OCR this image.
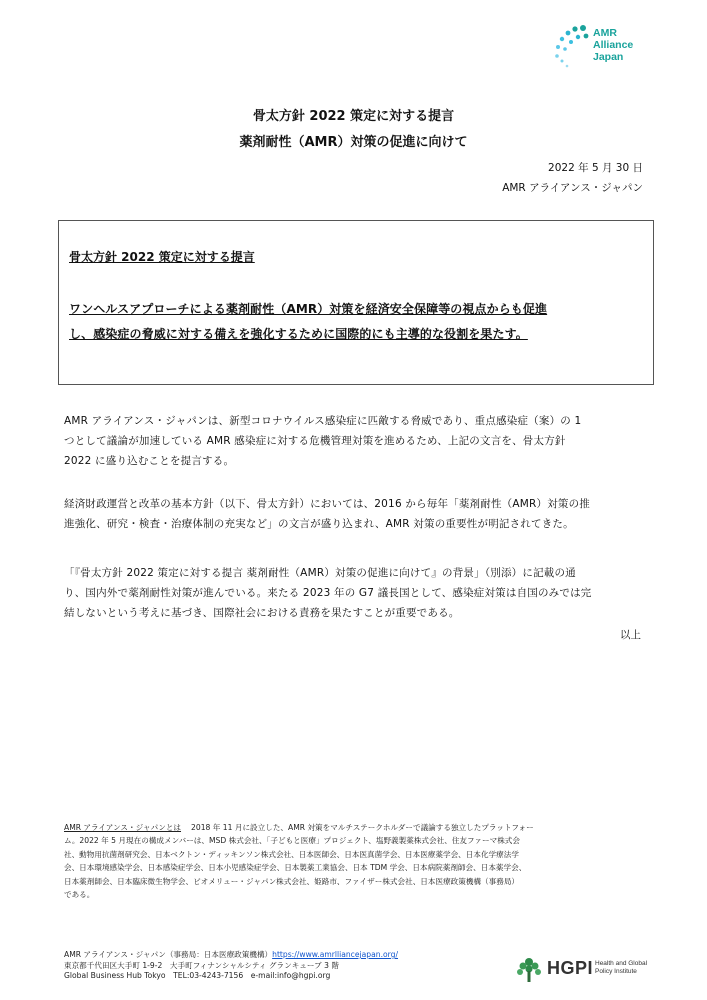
AMR
Alliance
Japan
骨太方針 2022 策定に対する提言
薬剤耐性（AMR）対策の促進に向けて
2022 年 5 月 30 日
AMR アライアンス・ジャパン
骨太方針 2022 策定に対する提言
ワンヘルスアプローチによる薬剤耐性（AMR）対策を経済安全保障等の視点からも促進
し、感染症の脅威に対する備えを強化するために国際的にも主導的な役割を果たす。
AMR アライアンス・ジャパンは、新型コロナウイルス感染症に匹敵する脅威であり、重点感染症（案）の 1
つとして議論が加速している AMR 感染症に対する危機管理対策を進めるため、上記の文言を、骨太方針
2022 に盛り込むことを提言する。
経済財政運営と改革の基本方針（以下、骨太方針）においては、2016 から毎年「薬剤耐性（AMR）対策の推
進強化、研究・検査・治療体制の充実など」の文言が盛り込まれ、AMR 対策の重要性が明記されてきた。
「『骨太方針 2022 策定に対する提言 薬剤耐性（AMR）対策の促進に向けて』の背景」（別添）に記載の通
り、国内外で薬剤耐性対策が進んでいる。来たる 2023 年の G7 議長国として、感染症対策は自国のみでは完
結しないという考えに基づき、国際社会における責務を果たすことが重要である。
以上
AMR アライアンス・ジャパンとは　 2018 年 11 月に設立した、AMR 対策をマルチステークホルダーで議論する独立したプラットフォー
ム。2022 年 5 月現在の構成メンバーは、MSD 株式会社、「子どもと医療」プロジェクト、塩野義製薬株式会社、住友ファーマ株式会
社、動物用抗菌剤研究会、日本ベクトン・ディッキンソン株式会社、日本医師会、日本医真菌学会、日本医療薬学会、日本化学療法学
会、日本環境感染学会、日本感染症学会、日本小児感染症学会、日本製薬工業協会、日本 TDM 学会、日本病院薬剤師会、日本薬学会、
日本薬剤師会、日本臨床微生物学会、ビオメリュー・ジャパン株式会社、姫路市、ファイザー株式会社、日本医療政策機構（事務局）
である。
AMR アライアンス・ジャパン（事務局：日本医療政策機構）https://www.amrlliancejapan.org/
東京都千代田区大手町 1-9-2　大手町フィナンシャルシティ グランキューブ 3 階
Global Business Hub Tokyo　TEL:03-4243-7156　e-mail:info@hgpi.org	HGPI Health and Global
Policy Institute
